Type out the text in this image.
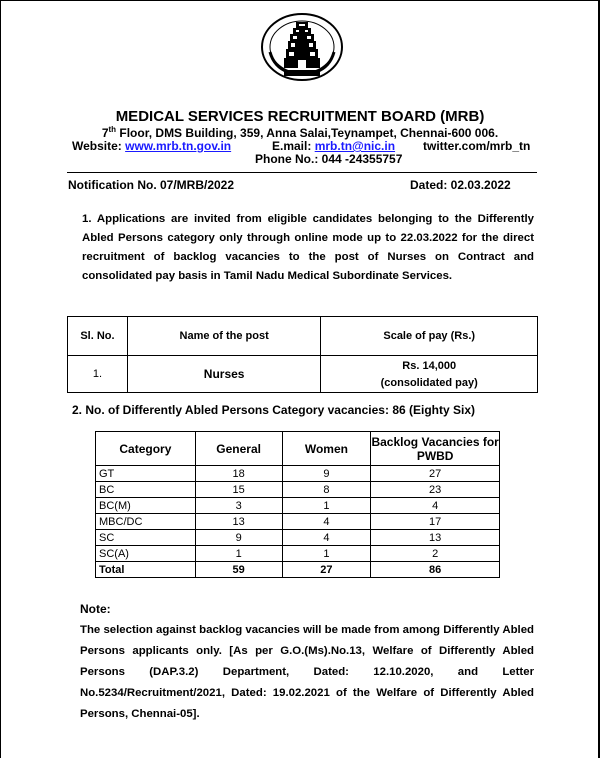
MEDICAL SERVICES RECRUITMENT BOARD (MRB)
7th Floor, DMS Building, 359, Anna Salai,Teynampet, Chennai-600 006.
Website: www.mrb.tn.gov.in	E.mail: mrb.tn@nic.in twitter.com/mrb_tn
Phone No.: 044 -24355757
Notification No. 07/MRB/2022	Dated: 02.03.2022
1. Applications are invited from eligible candidates belonging to the Differently Abled Persons category only through online mode up to 22.03.2022 for the direct recruitment of backlog vacancies to the post of Nurses on Contract and consolidated pay basis in Tamil Nadu Medical Subordinate Services.
Sl. No.	Name of the post	Scale of pay (Rs.)
1.	Nurses	Rs. 14,000
(consolidated pay)
2. No. of Differently Abled Persons Category vacancies: 86 (Eighty Six)
Category	General	Women	Backlog Vacancies for PWBD
GT	18	9	27
BC	15	8	23
BC(M)	3	1	4
MBC/DC	13	4	17
SC	9	4	13
SC(A)	1	1	2
Total	59	27	86
Note:
The selection against backlog vacancies will be made from among Differently Abled Persons applicants only. [As per G.O.(Ms).No.13, Welfare of Differently Abled Persons (DAP.3.2) Department, Dated: 12.10.2020, and Letter No.5234/Recruitment/2021, Dated: 19.02.2021 of the Welfare of Differently Abled Persons, Chennai-05].
